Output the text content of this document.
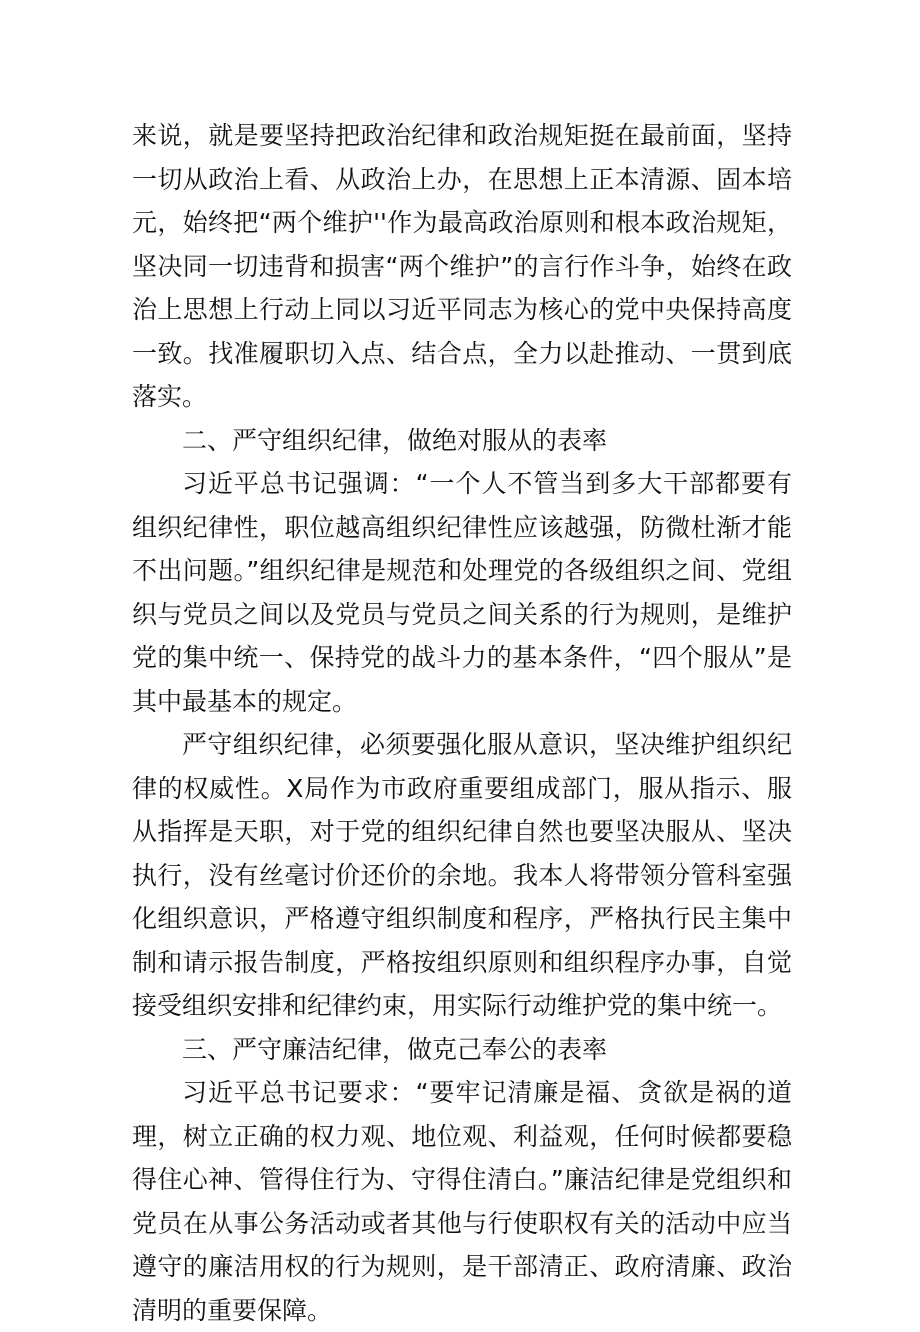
来说，就是要坚持把政治纪律和政治规矩挺在最前面，坚持一切从政治上看、从政治上办，在思想上正本清源、固本培元，始终把“两个维护''作为最高政治原则和根本政治规矩，坚决同一切违背和损害“两个维护”的言行作斗争，始终在政治上思想上行动上同以习近平同志为核心的党中央保持高度一致。找准履职切入点、结合点，全力以赴推动、一贯到底落实。

二、严守组织纪律，做绝对服从的表率

习近平总书记强调：“一个人不管当到多大干部都要有组织纪律性，职位越高组织纪律性应该越强，防微杜渐才能不出问题。”组织纪律是规范和处理党的各级组织之间、党组织与党员之间以及党员与党员之间关系的行为规则，是维护党的集中统一、保持党的战斗力的基本条件，“四个服从”是其中最基本的规定。

严守组织纪律，必须要强化服从意识，坚决维护组织纪律的权威性。X局作为市政府重要组成部门，服从指示、服从指挥是天职，对于党的组织纪律自然也要坚决服从、坚决执行，没有丝毫讨价还价的余地。我本人将带领分管科室强化组织意识，严格遵守组织制度和程序，严格执行民主集中制和请示报告制度，严格按组织原则和组织程序办事，自觉接受组织安排和纪律约束，用实际行动维护党的集中统一。

三、严守廉洁纪律，做克己奉公的表率

习近平总书记要求：“要牢记清廉是福、贪欲是祸的道理，树立正确的权力观、地位观、利益观，任何时候都要稳得住心神、管得住行为、守得住清白。”廉洁纪律是党组织和党员在从事公务活动或者其他与行使职权有关的活动中应当遵守的廉洁用权的行为规则，是干部清正、政府清廉、政治清明的重要保障。
